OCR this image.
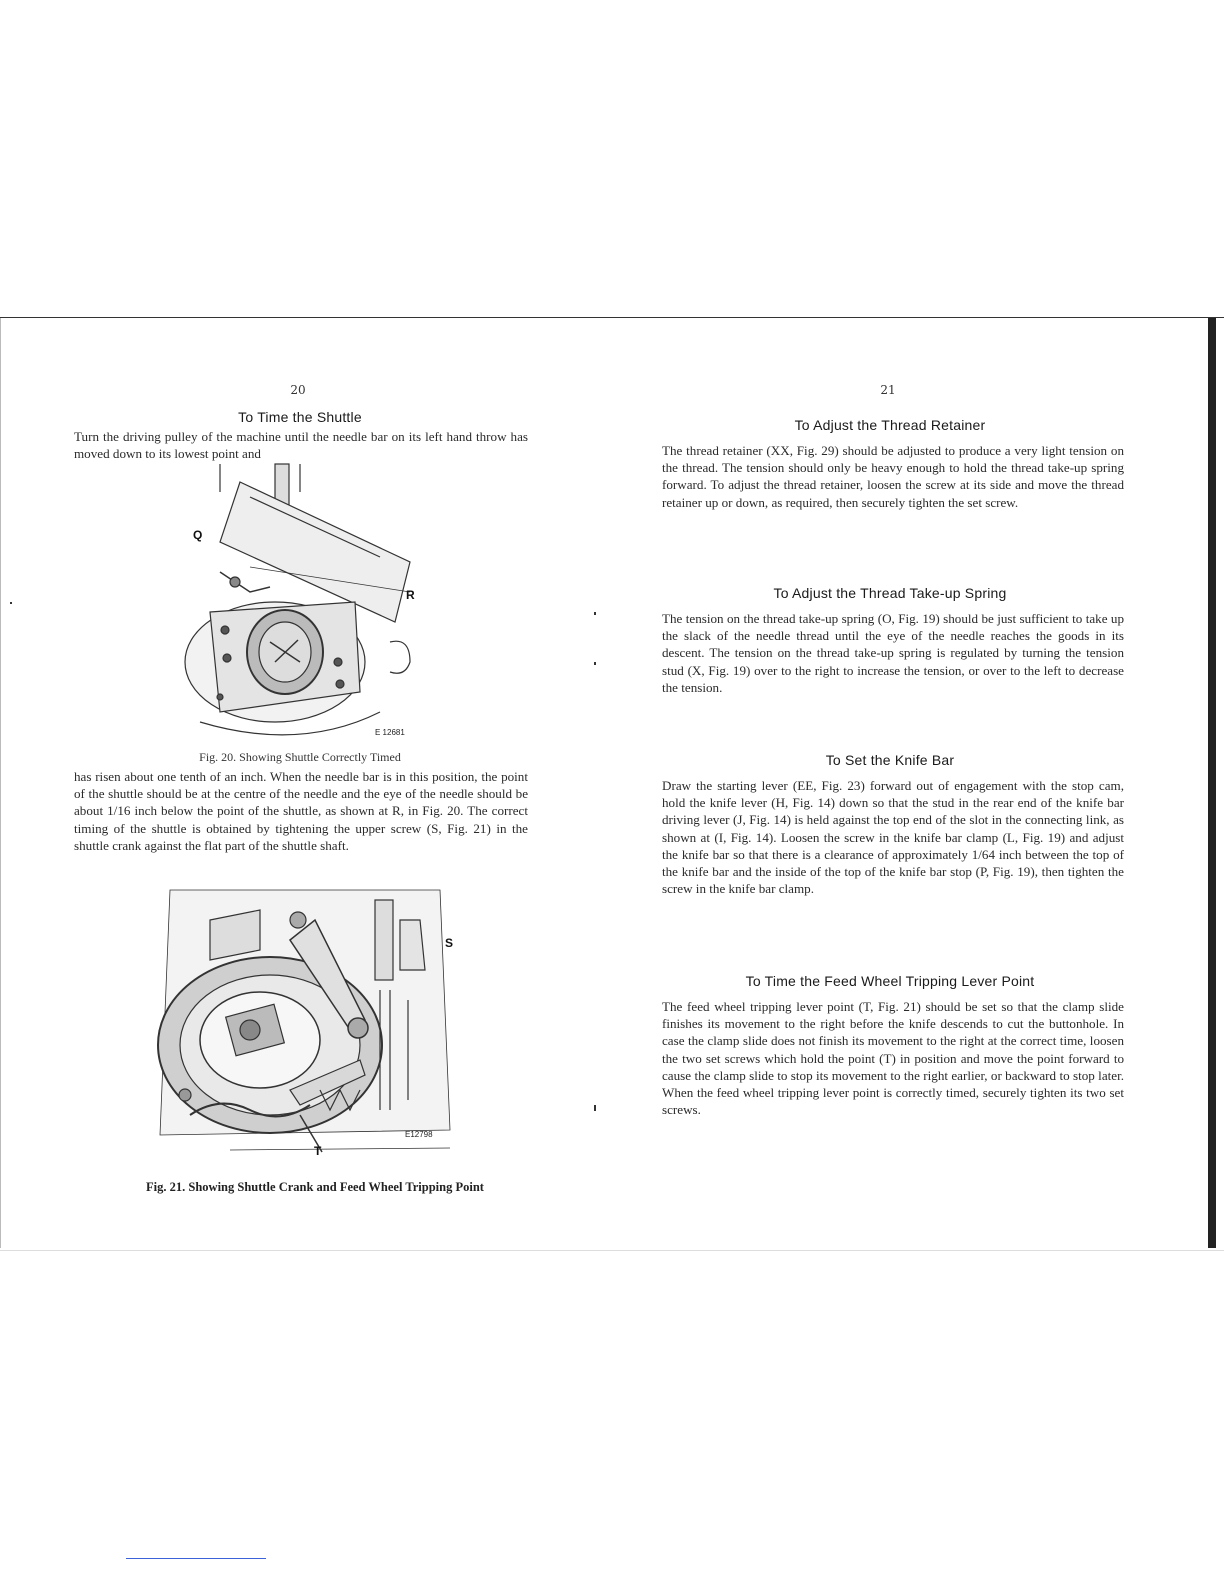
20
To Time the Shuttle

Turn the driving pulley of the machine until the needle bar on its left hand throw has moved down to its lowest point and

Q
R
E 12681
Fig. 20. Showing Shuttle Correctly Timed

has risen about one tenth of an inch. When the needle bar is in this position, the point of the shuttle should be at the centre of the needle and the eye of the needle should be about 1/16 inch below the point of the shuttle, as shown at R, in Fig. 20. The correct timing of the shuttle is obtained by tightening the upper screw (S, Fig. 21) in the shuttle crank against the flat part of the shuttle shaft.

S
T
E12798
Fig. 21. Showing Shuttle Crank and Feed Wheel Tripping Point
21
To Adjust the Thread Retainer

The thread retainer (XX, Fig. 29) should be adjusted to produce a very light tension on the thread. The tension should only be heavy enough to hold the thread take-up spring forward. To adjust the thread retainer, loosen the screw at its side and move the thread retainer up or down, as required, then securely tighten the set screw.

To Adjust the Thread Take-up Spring

The tension on the thread take-up spring (O, Fig. 19) should be just sufficient to take up the slack of the needle thread until the eye of the needle reaches the goods in its descent. The tension on the thread take-up spring is regulated by turning the tension stud (X, Fig. 19) over to the right to increase the tension, or over to the left to decrease the tension.

To Set the Knife Bar

Draw the starting lever (EE, Fig. 23) forward out of engagement with the stop cam, hold the knife lever (H, Fig. 14) down so that the stud in the rear end of the knife bar driving lever (J, Fig. 14) is held against the top end of the slot in the connecting link, as shown at (I, Fig. 14). Loosen the screw in the knife bar clamp (L, Fig. 19) and adjust the knife bar so that there is a clearance of approximately 1/64 inch between the top of the knife bar and the inside of the top of the knife bar stop (P, Fig. 19), then tighten the screw in the knife bar clamp.

To Time the Feed Wheel Tripping Lever Point

The feed wheel tripping lever point (T, Fig. 21) should be set so that the clamp slide finishes its movement to the right before the knife descends to cut the buttonhole. In case the clamp slide does not finish its movement to the right at the correct time, loosen the two set screws which hold the point (T) in position and move the point forward to cause the clamp slide to stop its movement to the right earlier, or backward to stop later. When the feed wheel tripping lever point is correctly timed, securely tighten its two set screws.
